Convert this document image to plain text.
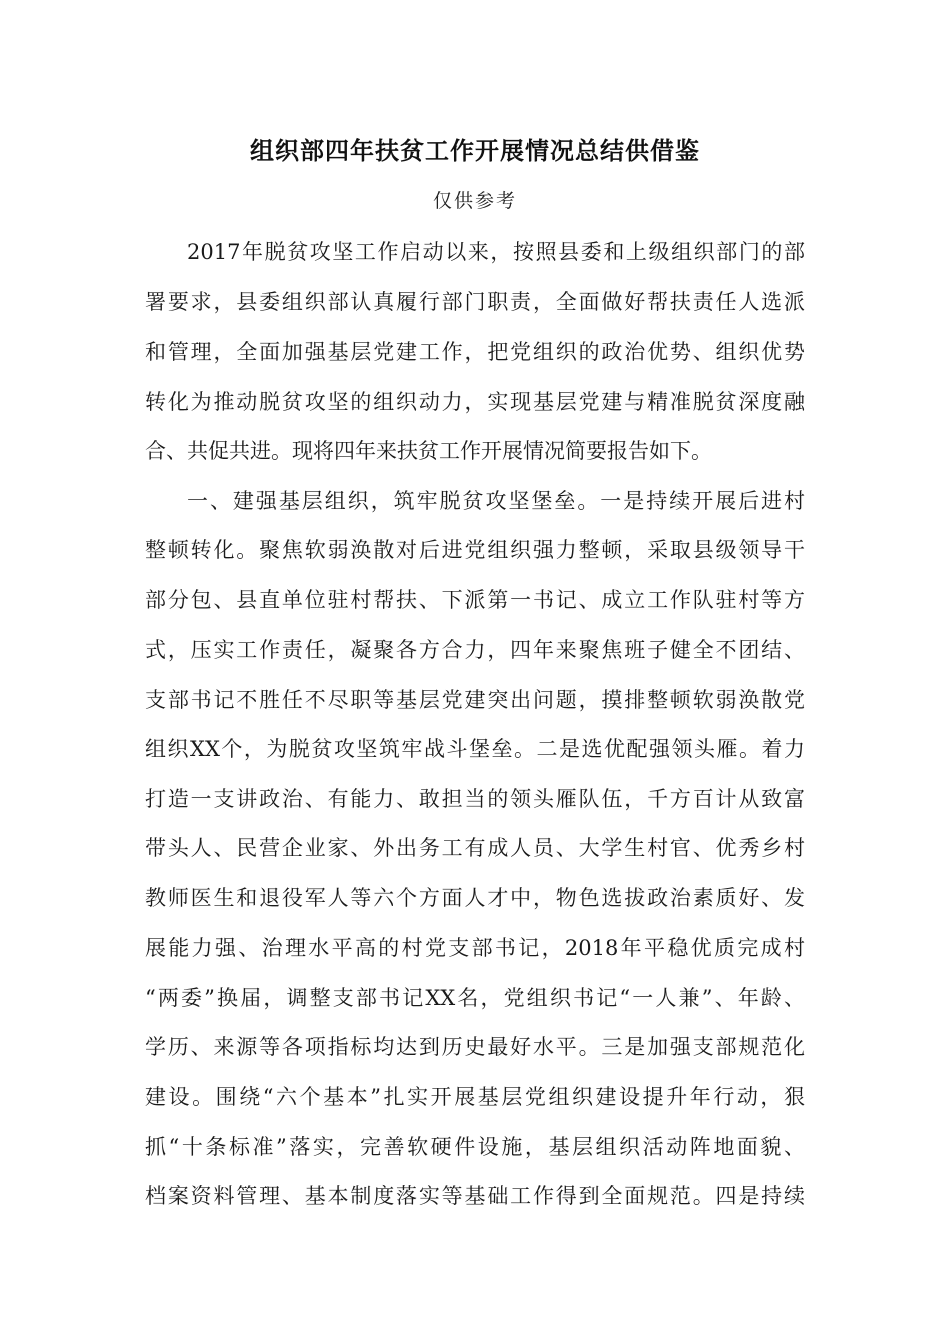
组织部四年扶贫工作开展情况总结供借鉴
仅供参考
2017年脱贫攻坚工作启动以来，按照县委和上级组织部门的部
署要求，县委组织部认真履行部门职责，全面做好帮扶责任人选派
和管理，全面加强基层党建工作，把党组织的政治优势、组织优势
转化为推动脱贫攻坚的组织动力，实现基层党建与精准脱贫深度融
合、共促共进。现将四年来扶贫工作开展情况简要报告如下。
一、建强基层组织，筑牢脱贫攻坚堡垒。一是持续开展后进村
整顿转化。聚焦软弱涣散对后进党组织强力整顿，采取县级领导干
部分包、县直单位驻村帮扶、下派第一书记、成立工作队驻村等方
式，压实工作责任，凝聚各方合力，四年来聚焦班子健全不团结、
支部书记不胜任不尽职等基层党建突出问题，摸排整顿软弱涣散党
组织XX个，为脱贫攻坚筑牢战斗堡垒。二是选优配强领头雁。着力
打造一支讲政治、有能力、敢担当的领头雁队伍，千方百计从致富
带头人、民营企业家、外出务工有成人员、大学生村官、优秀乡村
教师医生和退役军人等六个方面人才中，物色选拔政治素质好、发
展能力强、治理水平高的村党支部书记，2018年平稳优质完成村
“两委”换届，调整支部书记XX名，党组织书记“一人兼”、年龄、
学历、来源等各项指标均达到历史最好水平。三是加强支部规范化
建设。围绕“六个基本”扎实开展基层党组织建设提升年行动，狠
抓“十条标准”落实，完善软硬件设施，基层组织活动阵地面貌、
档案资料管理、基本制度落实等基础工作得到全面规范。四是持续
